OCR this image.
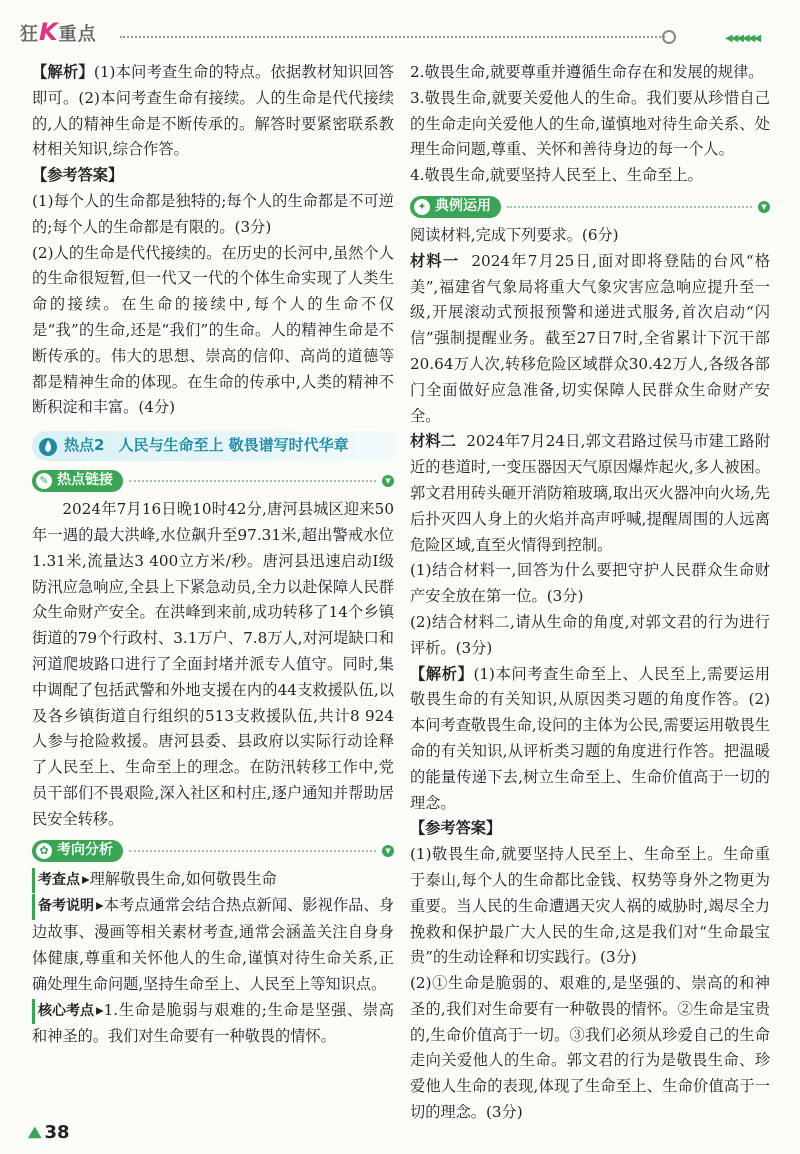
狂K重点	◀◀◀◀◀◀

【解析】(1)本问考查生命的特点。依据教材知识回答即可。(2)本问考查生命有接续。人的生命是代代接续的,人的精神生命是不断传承的。解答时要紧密联系教材相关知识,综合作答。

【参考答案】

(1)每个人的生命都是独特的;每个人的生命都是不可逆的;每个人的生命都是有限的。(3分)

(2)人的生命是代代接续的。在历史的长河中,虽然个人的生命很短暂,但一代又一代的个体生命实现了人类生命的接续。在生命的接续中,每个人的生命不仅是“我”的生命,还是“我们”的生命。人的精神生命是不断传承的。伟大的思想、崇高的信仰、高尚的道德等都是精神生命的体现。在生命的传承中,人类的精神不断积淀和丰富。(4分)

热点2 人民与生命至上 敬畏谱写时代华章
✎ 热点链接	▼

2024年7月16日晚10时42分,唐河县城区迎来50年一遇的最大洪峰,水位飙升至97.31米,超出警戒水位1.31米,流量达3 400立方米/秒。唐河县迅速启动Ⅰ级防汛应急响应,全县上下紧急动员,全力以赴保障人民群众生命财产安全。在洪峰到来前,成功转移了14个乡镇街道的79个行政村、3.1万户、7.8万人,对河堤缺口和河道爬坡路口进行了全面封堵并派专人值守。同时,集中调配了包括武警和外地支援在内的44支救援队伍,以及各乡镇街道自行组织的513支救援队伍,共计8 924人参与抢险救援。唐河县委、县政府以实际行动诠释了人民至上、生命至上的理念。在防汛转移工作中,党员干部们不畏艰险,深入社区和村庄,逐户通知并帮助居民安全转移。

✿ 考向分析	▼

考查点 ▸理解敬畏生命,如何敬畏生命

备考说明 ▸本考点通常会结合热点新闻、影视作品、身边故事、漫画等相关素材考查,通常会涵盖关注自身身体健康,尊重和关怀他人的生命,谨慎对待生命关系,正确处理生命问题,坚持生命至上、人民至上等知识点。

核心考点 ▸1.生命是脆弱与艰难的;生命是坚强、崇高和神圣的。我们对生命要有一种敬畏的情怀。

2.敬畏生命,就要尊重并遵循生命存在和发展的规律。

3.敬畏生命,就要关爱他人的生命。我们要从珍惜自己的生命走向关爱他人的生命,谨慎地对待生命关系、处理生命问题,尊重、关怀和善待身边的每一个人。

4.敬畏生命,就要坚持人民至上、生命至上。

✦ 典例运用	▼

阅读材料,完成下列要求。(6分)

材料一 2024年7月25日,面对即将登陆的台风“格美”,福建省气象局将重大气象灾害应急响应提升至一级,开展滚动式预报预警和递进式服务,首次启动“闪信”强制提醒业务。截至27日7时,全省累计下沉干部20.64万人次,转移危险区域群众30.42万人,各级各部门全面做好应急准备,切实保障人民群众生命财产安全。

材料二 2024年7月24日,郭文君路过侯马市建工路附近的巷道时,一变压器因天气原因爆炸起火,多人被困。郭文君用砖头砸开消防箱玻璃,取出灭火器冲向火场,先后扑灭四人身上的火焰并高声呼喊,提醒周围的人远离危险区域,直至火情得到控制。

(1)结合材料一,回答为什么要把守护人民群众生命财产安全放在第一位。(3分)

(2)结合材料二,请从生命的角度,对郭文君的行为进行评析。(3分)

【解析】(1)本问考查生命至上、人民至上,需要运用敬畏生命的有关知识,从原因类习题的角度作答。(2)本问考查敬畏生命,设问的主体为公民,需要运用敬畏生命的有关知识,从评析类习题的角度进行作答。把温暖的能量传递下去,树立生命至上、生命价值高于一切的理念。

【参考答案】

(1)敬畏生命,就要坚持人民至上、生命至上。生命重于泰山,每个人的生命都比金钱、权势等身外之物更为重要。当人民的生命遭遇天灾人祸的威胁时,竭尽全力挽救和保护最广大人民的生命,这是我们对“生命最宝贵”的生动诠释和切实践行。(3分)

(2)①生命是脆弱的、艰难的,是坚强的、崇高的和神圣的,我们对生命要有一种敬畏的情怀。②生命是宝贵的,生命价值高于一切。③我们必须从珍爱自己的生命走向关爱他人的生命。郭文君的行为是敬畏生命、珍爱他人生命的表现,体现了生命至上、生命价值高于一切的理念。(3分)

⛰ 38
